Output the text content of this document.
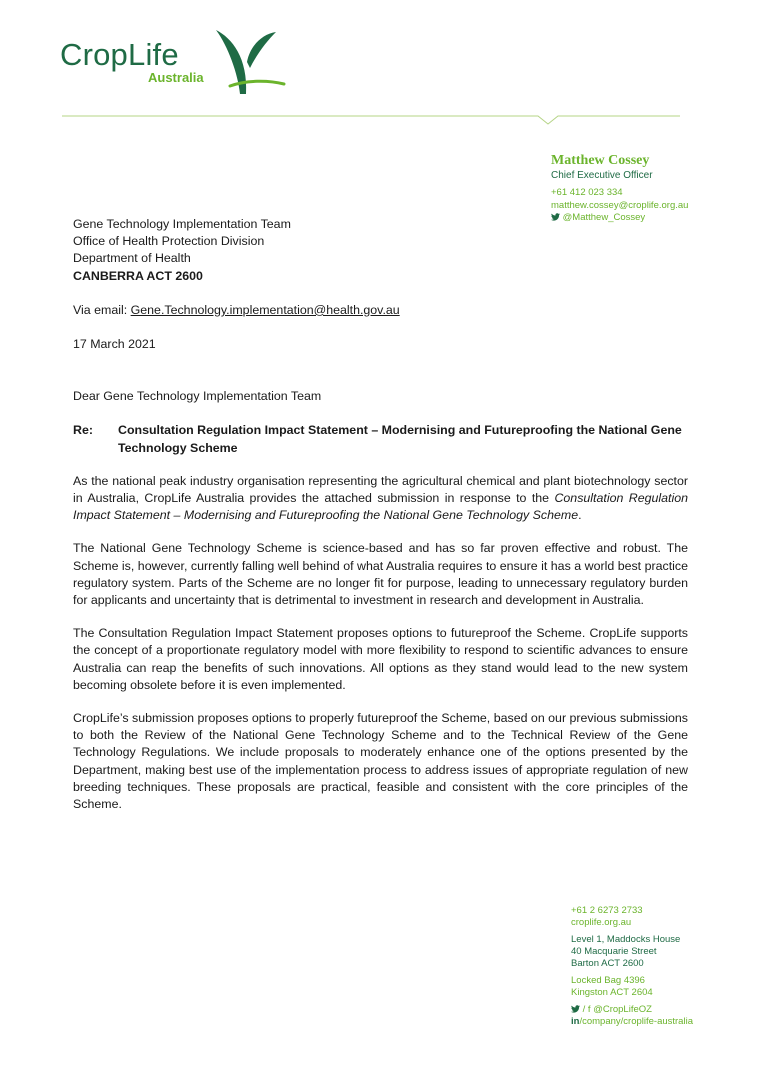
CropLife
Australia
Matthew Cossey
Chief Executive Officer
+61 412 023 334
matthew.cossey@croplife.org.au
@Matthew_Cossey
Gene Technology Implementation Team
Office of Health Protection Division
Department of Health
CANBERRA ACT 2600
Via email: Gene.Technology.implementation@health.gov.au
17 March 2021
Dear Gene Technology Implementation Team
Re:	Consultation Regulation Impact Statement – Modernising and Futureproofing the National Gene Technology Scheme

As the national peak industry organisation representing the agricultural chemical and plant biotechnology sector in Australia, CropLife Australia provides the attached submission in response to the Consultation Regulation Impact Statement – Modernising and Futureproofing the National Gene Technology Scheme.

The National Gene Technology Scheme is science-based and has so far proven effective and robust. The Scheme is, however, currently falling well behind of what Australia requires to ensure it has a world best practice regulatory system. Parts of the Scheme are no longer fit for purpose, leading to unnecessary regulatory burden for applicants and uncertainty that is detrimental to investment in research and development in Australia.

The Consultation Regulation Impact Statement proposes options to futureproof the Scheme. CropLife supports the concept of a proportionate regulatory model with more flexibility to respond to scientific advances to ensure Australia can reap the benefits of such innovations. All options as they stand would lead to the new system becoming obsolete before it is even implemented.

CropLife’s submission proposes options to properly futureproof the Scheme, based on our previous submissions to both the Review of the National Gene Technology Scheme and to the Technical Review of the Gene Technology Regulations. We include proposals to moderately enhance one of the options presented by the Department, making best use of the implementation process to address issues of appropriate regulation of new breeding techniques. These proposals are practical, feasible and consistent with the core principles of the Scheme.

+61 2 6273 2733
croplife.org.au
Level 1, Maddocks House
40 Macquarie Street
Barton ACT 2600
Locked Bag 4396
Kingston ACT 2604
/ f @CropLifeOZ
in/company/croplife-australia
